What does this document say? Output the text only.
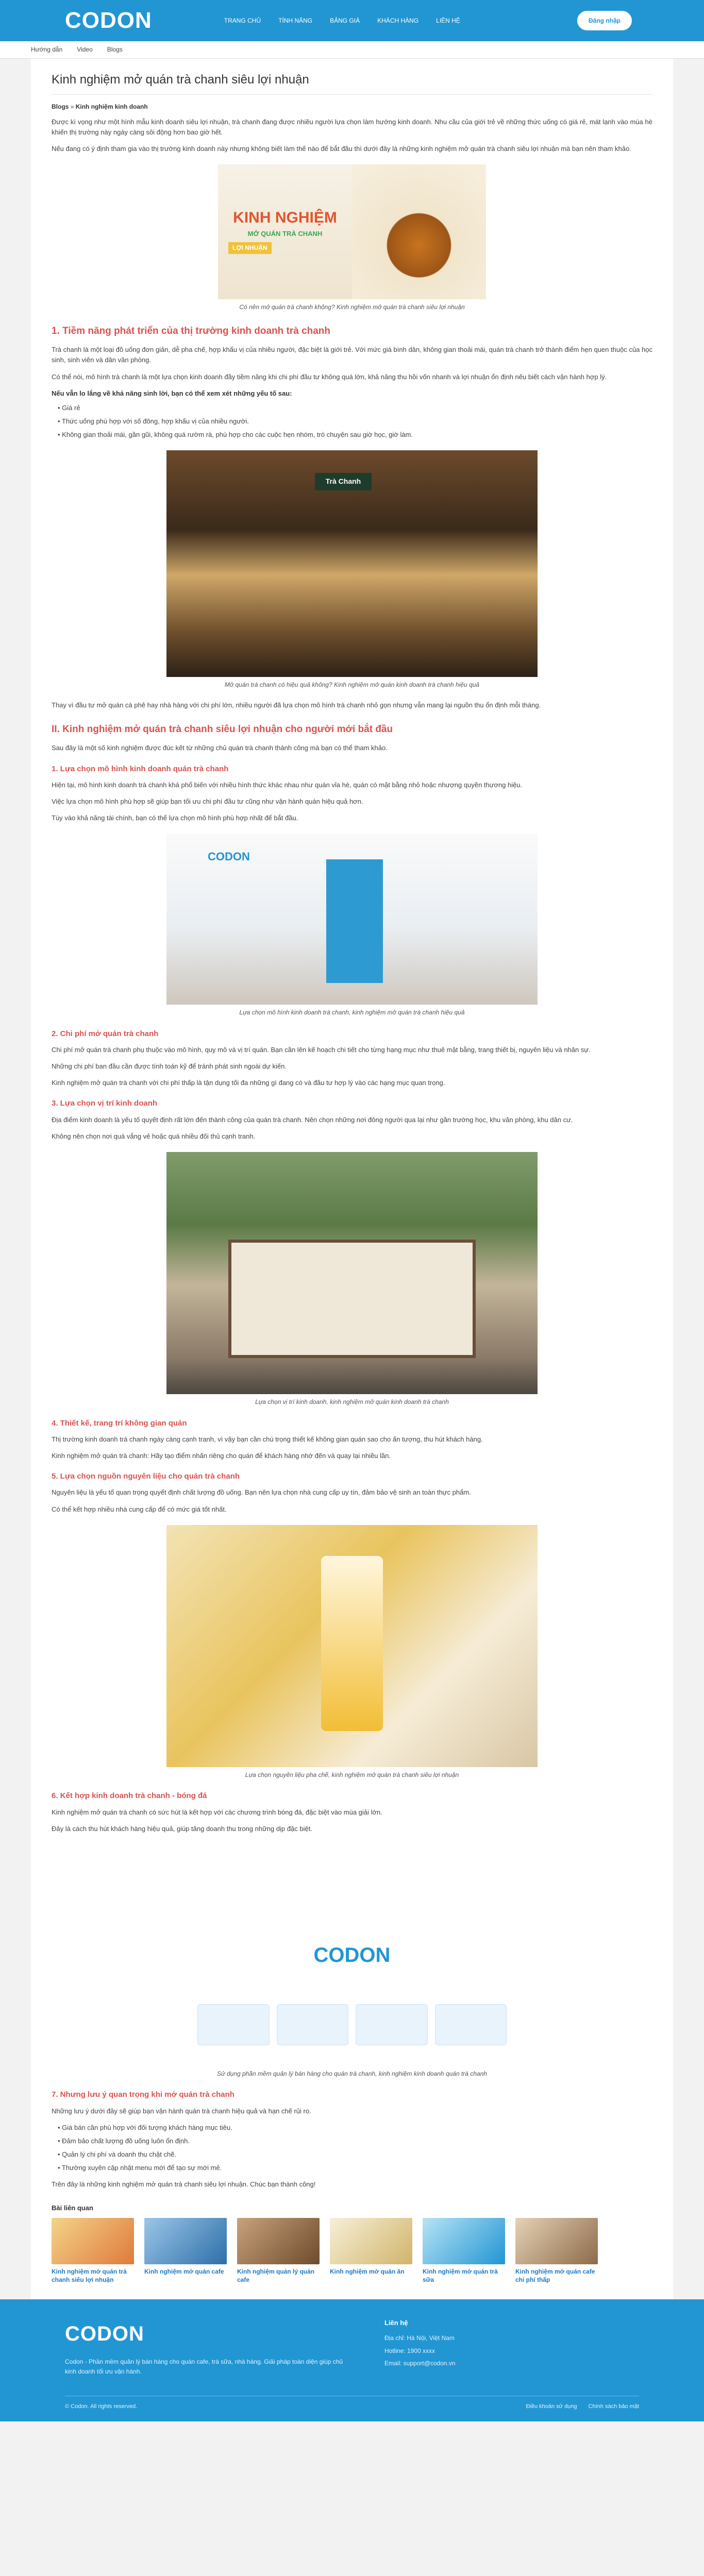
CODON	TRANG CHỦ	TÍNH NĂNG	BẢNG GIÁ	KHÁCH HÀNG	LIÊN HỆ	Đăng nhập
Hướng dẫn Video Blogs
Kinh nghiệm mở quán trà chanh siêu lợi nhuận
Blogs » Kinh nghiệm kinh doanh

Được kì vọng như một hình mẫu kinh doanh siêu lợi nhuận, trà chanh đang được nhiều người lựa chọn làm hướng kinh doanh. Nhu cầu của giới trẻ về những thức uống có giá rẻ, mát lạnh vào mùa hè khiến thị trường này ngày càng sôi động hơn bao giờ hết.

Nếu đang có ý định tham gia vào thị trường kinh doanh này nhưng không biết làm thế nào để bắt đầu thì dưới đây là những kinh nghiệm mở quán trà chanh siêu lợi nhuận mà bạn nên tham khảo.

KINH NGHIỆM
MỞ QUÁN TRÀ CHANH
LỢI NHUẬN
Có nên mở quán trà chanh không? Kinh nghiệm mở quán trà chanh siêu lợi nhuận
1. Tiềm năng phát triển của thị trường kinh doanh trà chanh

Trà chanh là một loại đồ uống đơn giản, dễ pha chế, hợp khẩu vị của nhiều người, đặc biệt là giới trẻ. Với mức giá bình dân, không gian thoải mái, quán trà chanh trở thành điểm hẹn quen thuộc của học sinh, sinh viên và dân văn phòng.

Có thể nói, mô hình trà chanh là một lựa chọn kinh doanh đầy tiềm năng khi chi phí đầu tư không quá lớn, khả năng thu hồi vốn nhanh và lợi nhuận ổn định nếu biết cách vận hành hợp lý.

Nếu vẫn lo lắng về khả năng sinh lời, bạn có thể xem xét những yếu tố sau:
• Giá rẻ
• Thức uống phù hợp với số đông, hợp khẩu vị của nhiều người.
• Không gian thoải mái, gần gũi, không quá rườm rà, phù hợp cho các cuộc hẹn nhóm, trò chuyện sau giờ học, giờ làm.
Trà Chanh
Mở quán trà chanh có hiệu quả không? Kinh nghiệm mở quán kinh doanh trà chanh hiệu quả

Thay vì đầu tư mở quán cà phê hay nhà hàng với chi phí lớn, nhiều người đã lựa chọn mô hình trà chanh nhỏ gọn nhưng vẫn mang lại nguồn thu ổn định mỗi tháng.

II. Kinh nghiệm mở quán trà chanh siêu lợi nhuận cho người mới bắt đầu

Sau đây là một số kinh nghiệm được đúc kết từ những chủ quán trà chanh thành công mà bạn có thể tham khảo.

1. Lựa chọn mô hình kinh doanh quán trà chanh

Hiện tại, mô hình kinh doanh trà chanh khá phổ biến với nhiều hình thức khác nhau như quán vỉa hè, quán có mặt bằng nhỏ hoặc nhượng quyền thương hiệu.

Việc lựa chọn mô hình phù hợp sẽ giúp bạn tối ưu chi phí đầu tư cũng như vận hành quán hiệu quả hơn.

Tùy vào khả năng tài chính, bạn có thể lựa chọn mô hình phù hợp nhất để bắt đầu.

CODON
Lựa chọn mô hình kinh doanh trà chanh, kinh nghiệm mở quán trà chanh hiệu quả
2. Chi phí mở quán trà chanh

Chi phí mở quán trà chanh phụ thuộc vào mô hình, quy mô và vị trí quán. Bạn cần lên kế hoạch chi tiết cho từng hạng mục như thuê mặt bằng, trang thiết bị, nguyên liệu và nhân sự.

Những chi phí ban đầu cần được tính toán kỹ để tránh phát sinh ngoài dự kiến.

Kinh nghiệm mở quán trà chanh với chi phí thấp là tận dụng tối đa những gì đang có và đầu tư hợp lý vào các hạng mục quan trọng.

3. Lựa chọn vị trí kinh doanh

Địa điểm kinh doanh là yếu tố quyết định rất lớn đến thành công của quán trà chanh. Nên chọn những nơi đông người qua lại như gần trường học, khu văn phòng, khu dân cư.

Không nên chọn nơi quá vắng vẻ hoặc quá nhiều đối thủ cạnh tranh.

Lựa chọn vị trí kinh doanh, kinh nghiệm mở quán kinh doanh trà chanh
4. Thiết kế, trang trí không gian quán

Thị trường kinh doanh trà chanh ngày càng cạnh tranh, vì vậy bạn cần chú trọng thiết kế không gian quán sao cho ấn tượng, thu hút khách hàng.

Kinh nghiệm mở quán trà chanh: Hãy tạo điểm nhấn riêng cho quán để khách hàng nhớ đến và quay lại nhiều lần.

5. Lựa chọn nguồn nguyên liệu cho quán trà chanh

Nguyên liệu là yếu tố quan trọng quyết định chất lượng đồ uống. Bạn nên lựa chọn nhà cung cấp uy tín, đảm bảo vệ sinh an toàn thực phẩm.

Có thể kết hợp nhiều nhà cung cấp để có mức giá tốt nhất.

Lựa chọn nguyên liệu pha chế, kinh nghiệm mở quán trà chanh siêu lợi nhuận
6. Kết hợp kinh doanh trà chanh - bóng đá

Kinh nghiệm mở quán trà chanh có sức hút là kết hợp với các chương trình bóng đá, đặc biệt vào mùa giải lớn.

Đây là cách thu hút khách hàng hiệu quả, giúp tăng doanh thu trong những dịp đặc biệt.

CODON
Sử dụng phần mềm quản lý bán hàng cho quán trà chanh, kinh nghiệm kinh doanh quán trà chanh
7. Nhưng lưu ý quan trọng khi mở quán trà chanh

Những lưu ý dưới đây sẽ giúp bạn vận hành quán trà chanh hiệu quả và hạn chế rủi ro.

• Giá bán cần phù hợp với đối tượng khách hàng mục tiêu.
• Đảm bảo chất lượng đồ uống luôn ổn định.
• Quản lý chi phí và doanh thu chặt chẽ.
• Thường xuyên cập nhật menu mới để tạo sự mới mẻ.

Trên đây là những kinh nghiệm mở quán trà chanh siêu lợi nhuận. Chúc bạn thành công!

Bài liên quan
Kinh nghiệm mở quán trà chanh siêu lợi nhuận
Kinh nghiệm mở quán cafe	Kinh nghiệm quản lý quán cafe
Kinh nghiệm mở quán ăn	Kinh nghiệm mở quán trà sữa
Kinh nghiệm mở quán cafe chi phí thấp
CODON

Codon - Phần mềm quản lý bán hàng cho quán cafe, trà sữa, nhà hàng. Giải pháp toàn diện giúp chủ kinh doanh tối ưu vận hành.

Liên hệ
Địa chỉ: Hà Nội, Việt Nam
Hotline: 1900 xxxx
Email: support@codon.vn
© Codon. All rights reserved.	Điều khoản sử dụng Chính sách bảo mật
